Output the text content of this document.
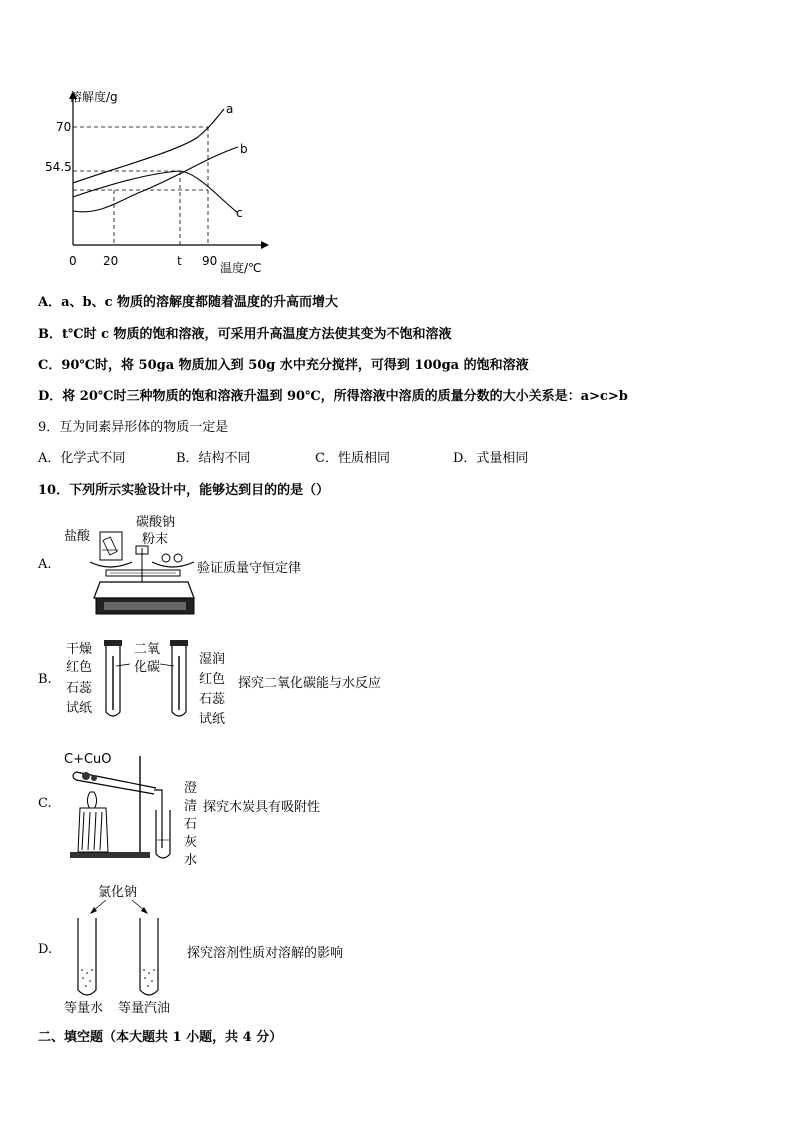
溶解度/g
温度/℃
70
54.5
0 20	t 90
a
b
c
A．a、b、c 物质的溶解度都随着温度的升高而增大
B．t℃时 c 物质的饱和溶液，可采用升高温度方法使其变为不饱和溶液
C．90℃时，将 50ga 物质加入到 50g 水中充分搅拌，可得到 100ga 的饱和溶液
D．将 20℃时三种物质的饱和溶液升温到 90℃，所得溶液中溶质的质量分数的大小关系是：a>c>b
9．互为同素异形体的物质一定是
A．化学式不同	B．结构不同	C．性质相同	D．式量相同
10．下列所示实验设计中，能够达到目的的是（）
A.
盐酸
碳酸钠
粉末
验证质量守恒定律
B.
干燥
红色
石蕊
试纸
二氧
化碳
湿润
红色
石蕊
试纸
探究二氧化碳能与水反应
C.
C+CuO
澄
清
石
灰
水
探究木炭具有吸附性
D.
氯化钠
等量水 等量汽油
探究溶剂性质对溶解的影响
二、填空题（本大题共 1 小题，共 4 分）
